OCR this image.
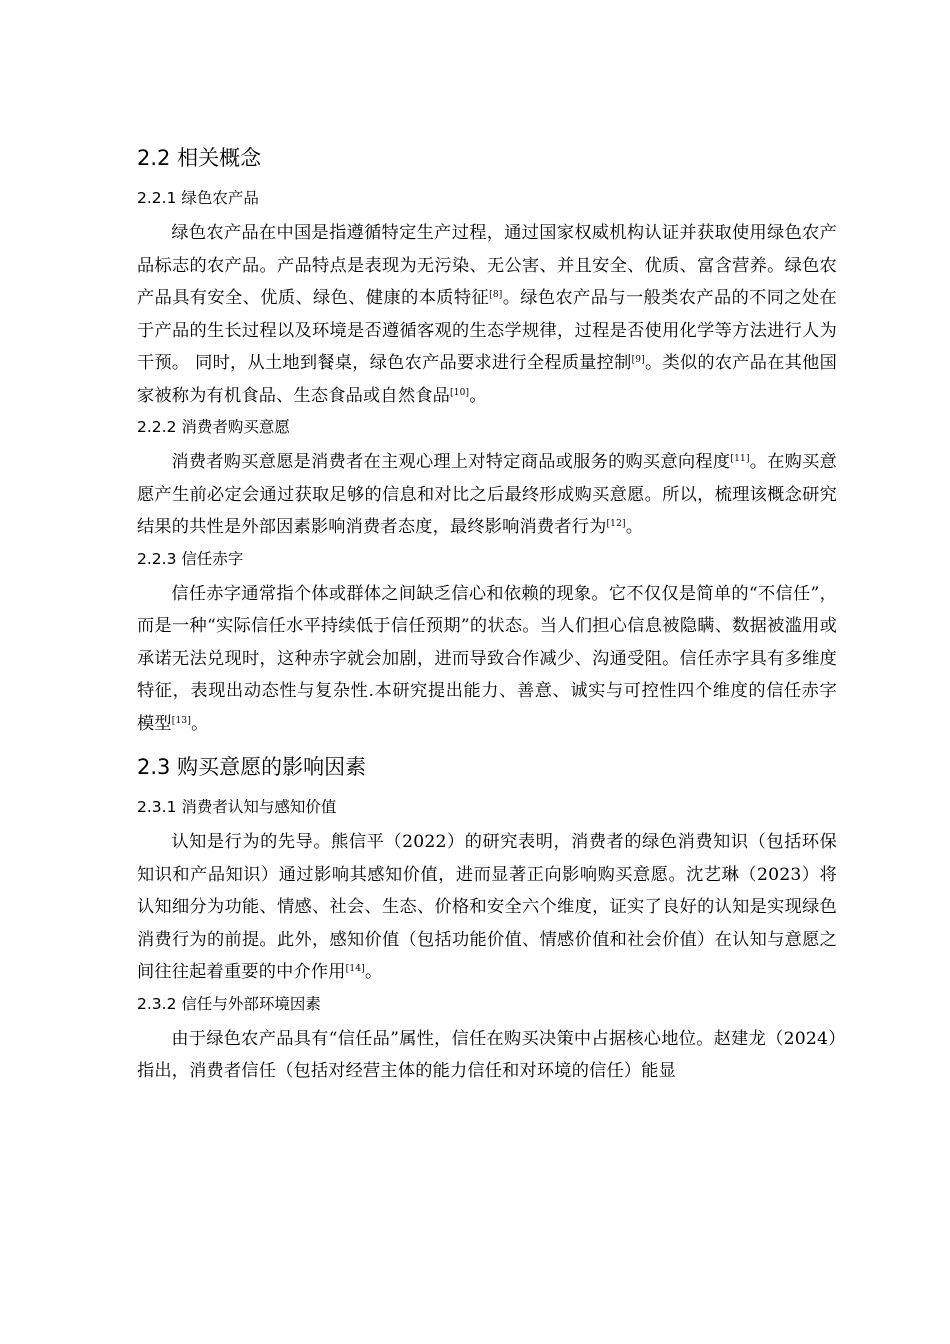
2.2 相关概念
2.2.1 绿色农产品

绿色农产品在中国是指遵循特定生产过程，通过国家权威机构认证并获取使用绿色农产品标志的农产品。产品特点是表现为无污染、无公害、并且安全、优质、富含营养。绿色农产品具有安全、优质、绿色、健康的本质特征[8]。绿色农产品与一般类农产品的不同之处在于产品的生长过程以及环境是否遵循客观的生态学规律，过程是否使用化学等方法进行人为干预。 同时，从土地到餐桌，绿色农产品要求进行全程质量控制[9]。类似的农产品在其他国家被称为有机食品、生态食品或自然食品[10]。

2.2.2 消费者购买意愿

消费者购买意愿是消费者在主观心理上对特定商品或服务的购买意向程度[11]。在购买意愿产生前必定会通过获取足够的信息和对比之后最终形成购买意愿。所以，梳理该概念研究结果的共性是外部因素影响消费者态度，最终影响消费者行为[12]。

2.2.3 信任赤字

信任赤字通常指个体或群体之间缺乏信心和依赖的现象。它不仅仅是简单的“不信任”，而是一种“实际信任水平持续低于信任预期”的状态。当人们担心信息被隐瞒、数据被滥用或承诺无法兑现时，这种赤字就会加剧，进而导致合作减少、沟通受阻。信任赤字具有多维度特征，表现出动态性与复杂性.本研究提出能力、善意、诚实与可控性四个维度的信任赤字模型[13]。

2.3 购买意愿的影响因素
2.3.1 消费者认知与感知价值

认知是行为的先导。熊信平（2022）的研究表明，消费者的绿色消费知识（包括环保知识和产品知识）通过影响其感知价值，进而显著正向影响购买意愿。沈艺琳（2023）将认知细分为功能、情感、社会、生态、价格和安全六个维度，证实了良好的认知是实现绿色消费行为的前提。此外，感知价值（包括功能价值、情感价值和社会价值）在认知与意愿之间往往起着重要的中介作用[14]。

2.3.2 信任与外部环境因素

由于绿色农产品具有“信任品”属性，信任在购买决策中占据核心地位。赵建龙（2024）指出，消费者信任（包括对经营主体的能力信任和对环境的信任）能显
